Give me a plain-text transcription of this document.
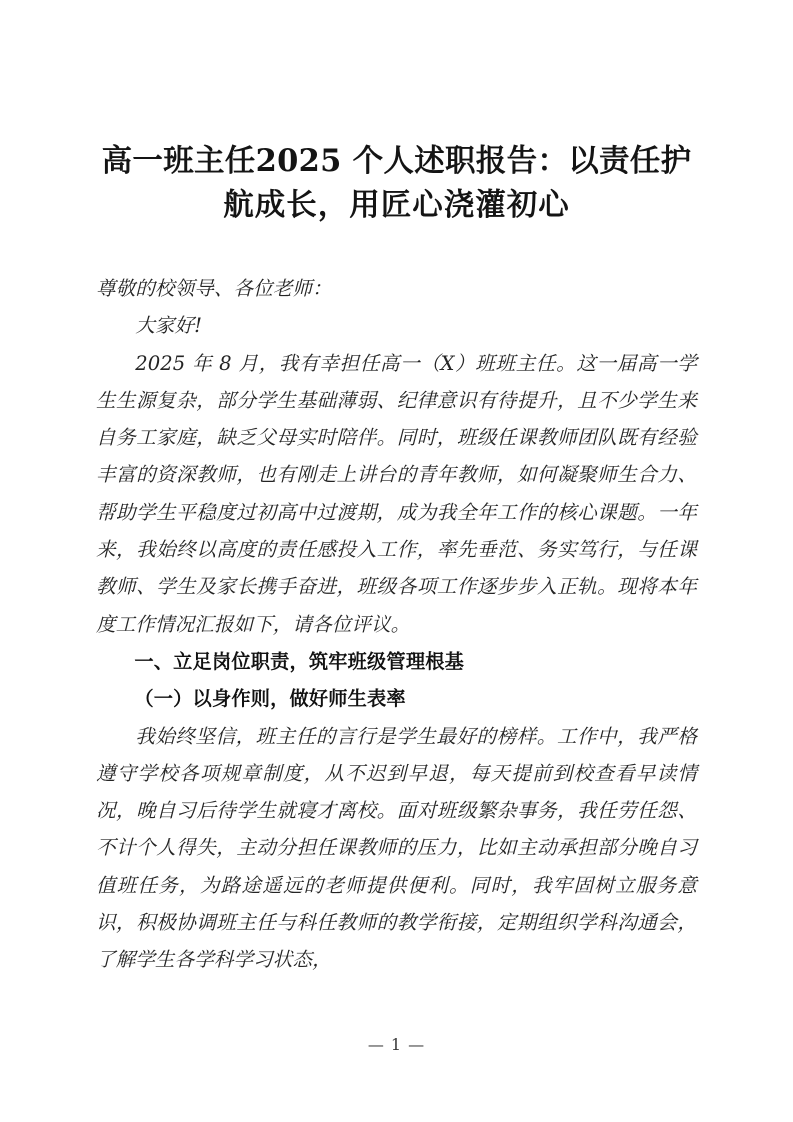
高一班主任2025 个人述职报告：以责任护
航成长，用匠心浇灌初心

尊敬的校领导、各位老师：

大家好!

2025 年 8 月，我有幸担任高一（X）班班主任。这一届高一学生生源复杂，部分学生基础薄弱、纪律意识有待提升，且不少学生来自务工家庭，缺乏父母实时陪伴。同时，班级任课教师团队既有经验丰富的资深教师，也有刚走上讲台的青年教师，如何凝聚师生合力、帮助学生平稳度过初高中过渡期，成为我全年工作的核心课题。一年来，我始终以高度的责任感投入工作，率先垂范、务实笃行，与任课教师、学生及家长携手奋进，班级各项工作逐步步入正轨。现将本年度工作情况汇报如下，请各位评议。

一、立足岗位职责，筑牢班级管理根基
（一）以身作则，做好师生表率

我始终坚信，班主任的言行是学生最好的榜样。工作中，我严格遵守学校各项规章制度，从不迟到早退，每天提前到校查看早读情况，晚自习后待学生就寝才离校。面对班级繁杂事务，我任劳任怨、不计个人得失，主动分担任课教师的压力，比如主动承担部分晚自习值班任务，为路途遥远的老师提供便利。同时，我牢固树立服务意识，积极协调班主任与科任教师的教学衔接，定期组织学科沟通会，了解学生各学科学习状态，

— 1 —
